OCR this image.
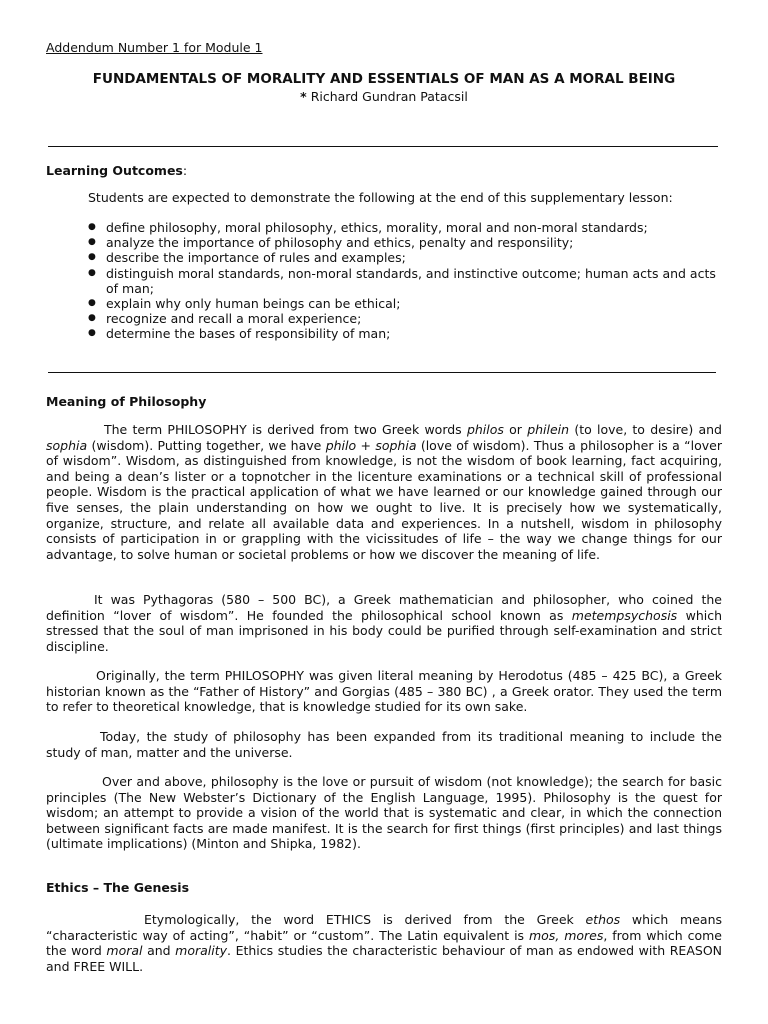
Addendum Number 1 for Module 1
FUNDAMENTALS OF MORALITY AND ESSENTIALS OF MAN AS A MORAL BEING
* Richard Gundran Patacsil
Learning Outcomes:
Students are expected to demonstrate the following at the end of this supplementary lesson:
● define philosophy, moral philosophy, ethics, morality, moral and non-moral standards;
● analyze the importance of philosophy and ethics, penalty and responsility;
● describe the importance of rules and examples;
● distinguish moral standards, non-moral standards, and instinctive outcome; human acts and acts of man;
● explain why only human beings can be ethical;
● recognize and recall a moral experience;
● determine the bases of responsibility of man;
Meaning of Philosophy

The term PHILOSOPHY is derived from two Greek words philos or philein (to love, to desire) and sophia (wisdom). Putting together, we have philo + sophia (love of wisdom). Thus a philosopher is a “lover of wisdom”. Wisdom, as distinguished from knowledge, is not the wisdom of book learning, fact acquiring, and being a dean’s lister or a topnotcher in the licenture examinations or a technical skill of professional people. Wisdom is the practical application of what we have learned or our knowledge gained through our five senses, the plain understanding on how we ought to live. It is precisely how we systematically, organize, structure, and relate all available data and experiences. In a nutshell, wisdom in philosophy consists of participation in or grappling with the vicissitudes of life – the way we change things for our advantage, to solve human or societal problems or how we discover the meaning of life.

It was Pythagoras (580 – 500 BC), a Greek mathematician and philosopher, who coined the definition “lover of wisdom”. He founded the philosophical school known as metempsychosis which stressed that the soul of man imprisoned in his body could be purified through self-examination and strict discipline.

Originally, the term PHILOSOPHY was given literal meaning by Herodotus (485 – 425 BC), a Greek historian known as the “Father of History” and Gorgias (485 – 380 BC) , a Greek orator. They used the term to refer to theoretical knowledge, that is knowledge studied for its own sake.

Today, the study of philosophy has been expanded from its traditional meaning to include the study of man, matter and the universe.

Over and above, philosophy is the love or pursuit of wisdom (not knowledge); the search for basic principles (The New Webster’s Dictionary of the English Language, 1995). Philosophy is the quest for wisdom; an attempt to provide a vision of the world that is systematic and clear, in which the connection between significant facts are made manifest. It is the search for first things (first principles) and last things (ultimate implications) (Minton and Shipka, 1982).

Ethics – The Genesis

Etymologically, the word ETHICS is derived from the Greek ethos which means “characteristic way of acting”, “habit” or “custom”. The Latin equivalent is mos, mores, from which come the word moral and morality. Ethics studies the characteristic behaviour of man as endowed with REASON and FREE WILL.
